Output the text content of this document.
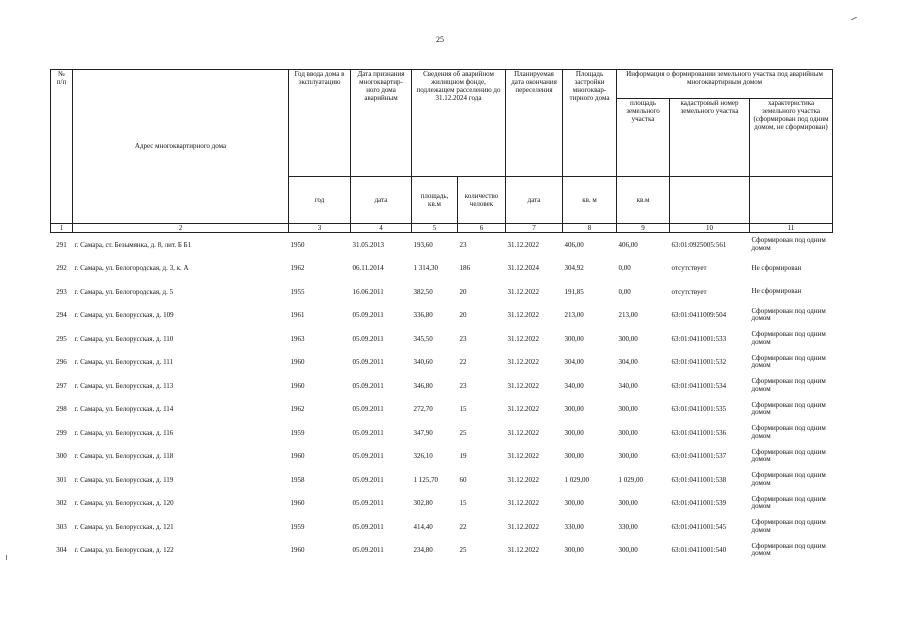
25
№
п/п	Адрес многоквартирного дома	Год ввода дома в эксплуатацию	Дата признания многоквартир-ного дома аварийным	Сведения об аварийном жилищном фонде, подлежащем расселению до 31.12.2024 года		Планируемая дата окончания переселения	Площадь застройки многоквар-тирного дома	Информация о формировании земельного участка под аварийным многоквартирным домом		
								площадь земельного участка	кадастровый номер земельного участка	характеристика земельного участка (сформирован под одним домом, не сформирован)
		год	дата	площадь, кв.м	количество человек	дата	кв. м	кв.м		
1	2	3	4	5	6	7	8	9	10	11
291	г. Самара, ст. Безымянка, д. 8, лит. Б Б1	1950	31.05.2013	193,60	23	31.12.2022	406,00	406,00	63:01:0925005:561	Сформирован под одним домом
292	г. Самара, ул. Белогородская, д. 3, к. А	1962	06.11.2014	1 314,30	186	31.12.2024	304,92	0,00	отсутствует	Не сформирован
293	г. Самара, ул. Белогородская, д. 5	1955	16.06.2011	382,50	20	31.12.2022	191,85	0,00	отсутствует	Не сформирован
294	г. Самара, ул. Белорусская, д. 109	1961	05.09.2011	336,80	20	31.12.2022	213,00	213,00	63:01:0411009:504	Сформирован под одним домом
295	г. Самара, ул. Белорусская, д. 110	1963	05.09.2011	345,50	23	31.12.2022	300,00	300,00	63:01:0411001:533	Сформирован под одним домом
296	г. Самара, ул. Белорусская, д. 111	1960	05.09.2011	340,60	22	31.12.2022	304,00	304,00	63:01:0411001:532	Сформирован под одним домом
297	г. Самара, ул. Белорусская, д. 113	1960	05.09.2011	346,80	23	31.12.2022	340,00	340,00	63:01:0411001:534	Сформирован под одним домом
298	г. Самара, ул. Белорусская, д. 114	1962	05.09.2011	272,70	15	31.12.2022	300,00	300,00	63:01:0411001:535	Сформирован под одним домом
299	г. Самара, ул. Белорусская, д. 116	1959	05.09.2011	347,90	25	31.12.2022	300,00	300,00	63:01:0411001:536	Сформирован под одним домом
300	г. Самара, ул. Белорусская, д. 118	1960	05.09.2011	326,10	19	31.12.2022	300,00	300,00	63:01:0411001:537	Сформирован под одним домом
301	г. Самара, ул. Белорусская, д. 119	1958	05.09.2011	1 125,70	60	31.12.2022	1 029,00	1 029,00	63:01:0411001:538	Сформирован под одним домом
302	г. Самара, ул. Белорусская, д. 120	1960	05.09.2011	302,80	15	31.12.2022	300,00	300,00	63:01:0411001:539	Сформирован под одним домом
303	г. Самара, ул. Белорусская, д. 121	1959	05.09.2011	414,40	22	31.12.2022	330,00	330,00	63:01:0411001:545	Сформирован под одним домом
304	г. Самара, ул. Белорусская, д. 122	1960	05.09.2011	234,80	25	31.12.2022	300,00	300,00	63:01:0411001:540	Сформирован под одним домом
